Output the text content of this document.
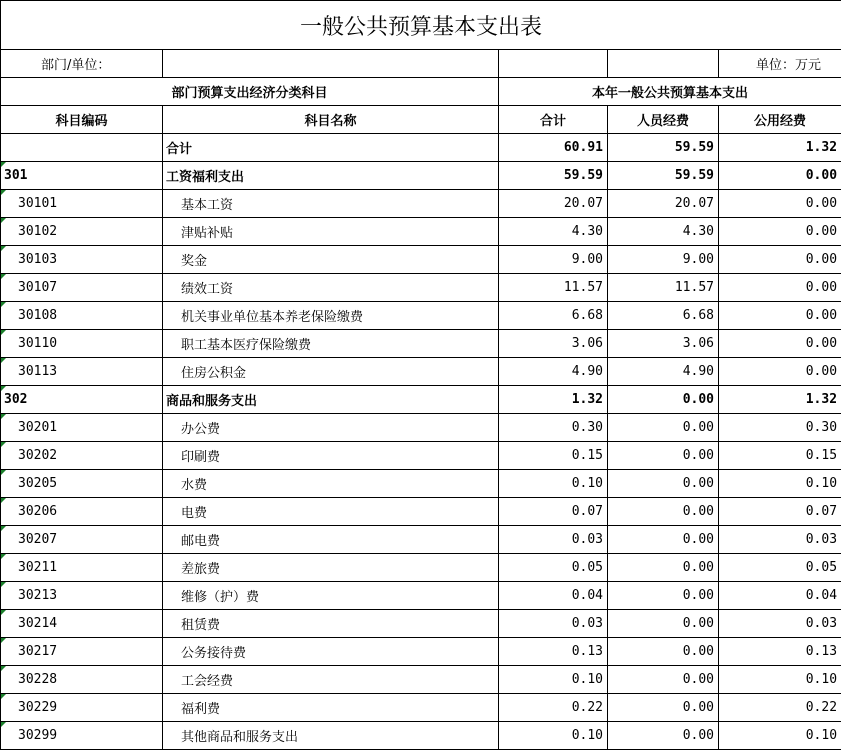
一般公共预算基本支出表				
部门/单位：				单位：万元
部门预算支出经济分类科目		本年一般公共预算基本支出		
科目编码	科目名称	合计	人员经费	公用经费
	合计	60.91	59.59	1.32
301	工资福利支出	59.59	59.59	0.00
30101	基本工资	20.07	20.07	0.00
30102	津贴补贴	4.30	4.30	0.00
30103	奖金	9.00	9.00	0.00
30107	绩效工资	11.57	11.57	0.00
30108	机关事业单位基本养老保险缴费	6.68	6.68	0.00
30110	职工基本医疗保险缴费	3.06	3.06	0.00
30113	住房公积金	4.90	4.90	0.00
302	商品和服务支出	1.32	0.00	1.32
30201	办公费	0.30	0.00	0.30
30202	印刷费	0.15	0.00	0.15
30205	水费	0.10	0.00	0.10
30206	电费	0.07	0.00	0.07
30207	邮电费	0.03	0.00	0.03
30211	差旅费	0.05	0.00	0.05
30213	维修（护）费	0.04	0.00	0.04
30214	租赁费	0.03	0.00	0.03
30217	公务接待费	0.13	0.00	0.13
30228	工会经费	0.10	0.00	0.10
30229	福利费	0.22	0.00	0.22
30299	其他商品和服务支出	0.10	0.00	0.10
